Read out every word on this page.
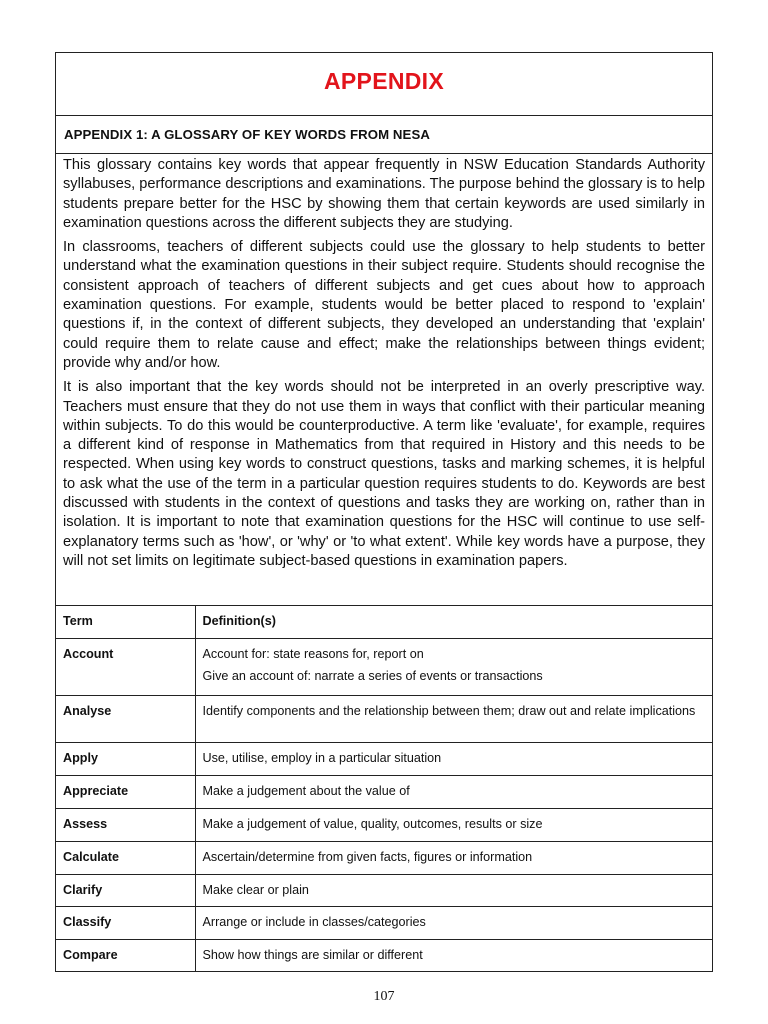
APPENDIX
APPENDIX 1: A GLOSSARY OF KEY WORDS FROM NESA

This glossary contains key words that appear frequently in NSW Education Standards Authority syllabuses, performance descriptions and examinations. The purpose behind the glossary is to help students prepare better for the HSC by showing them that certain keywords are used similarly in examination questions across the different subjects they are studying.

In classrooms, teachers of different subjects could use the glossary to help students to better understand what the examination questions in their subject require. Students should recognise the consistent approach of teachers of different subjects and get cues about how to approach examination questions. For example, students would be better placed to respond to 'explain' questions if, in the context of different subjects, they developed an understanding that 'explain' could require them to relate cause and effect; make the relationships between things evident; provide why and/or how.

It is also important that the key words should not be interpreted in an overly prescriptive way. Teachers must ensure that they do not use them in ways that conflict with their particular meaning within subjects. To do this would be counterproductive. A term like 'evaluate', for example, requires a different kind of response in Mathematics from that required in History and this needs to be respected. When using key words to construct questions, tasks and marking schemes, it is helpful to ask what the use of the term in a particular question requires students to do. Keywords are best discussed with students in the context of questions and tasks they are working on, rather than in isolation. It is important to note that examination questions for the HSC will continue to use self-explanatory terms such as 'how', or 'why' or 'to what extent'. While key words have a purpose, they will not set limits on legitimate subject-based questions in examination papers.

Term	Definition(s)
Account	Account for: state reasons for, report on
Give an account of: narrate a series of events or transactions

Analyse	Identify components and the relationship between them; draw out and relate implications

Apply	Use, utilise, employ in a particular situation

Appreciate	Make a judgement about the value of

Assess	Make a judgement of value, quality, outcomes, results or size

Calculate	Ascertain/determine from given facts, figures or information

Clarify	Make clear or plain

Classify	Arrange or include in classes/categories

Compare	Show how things are similar or different
107
